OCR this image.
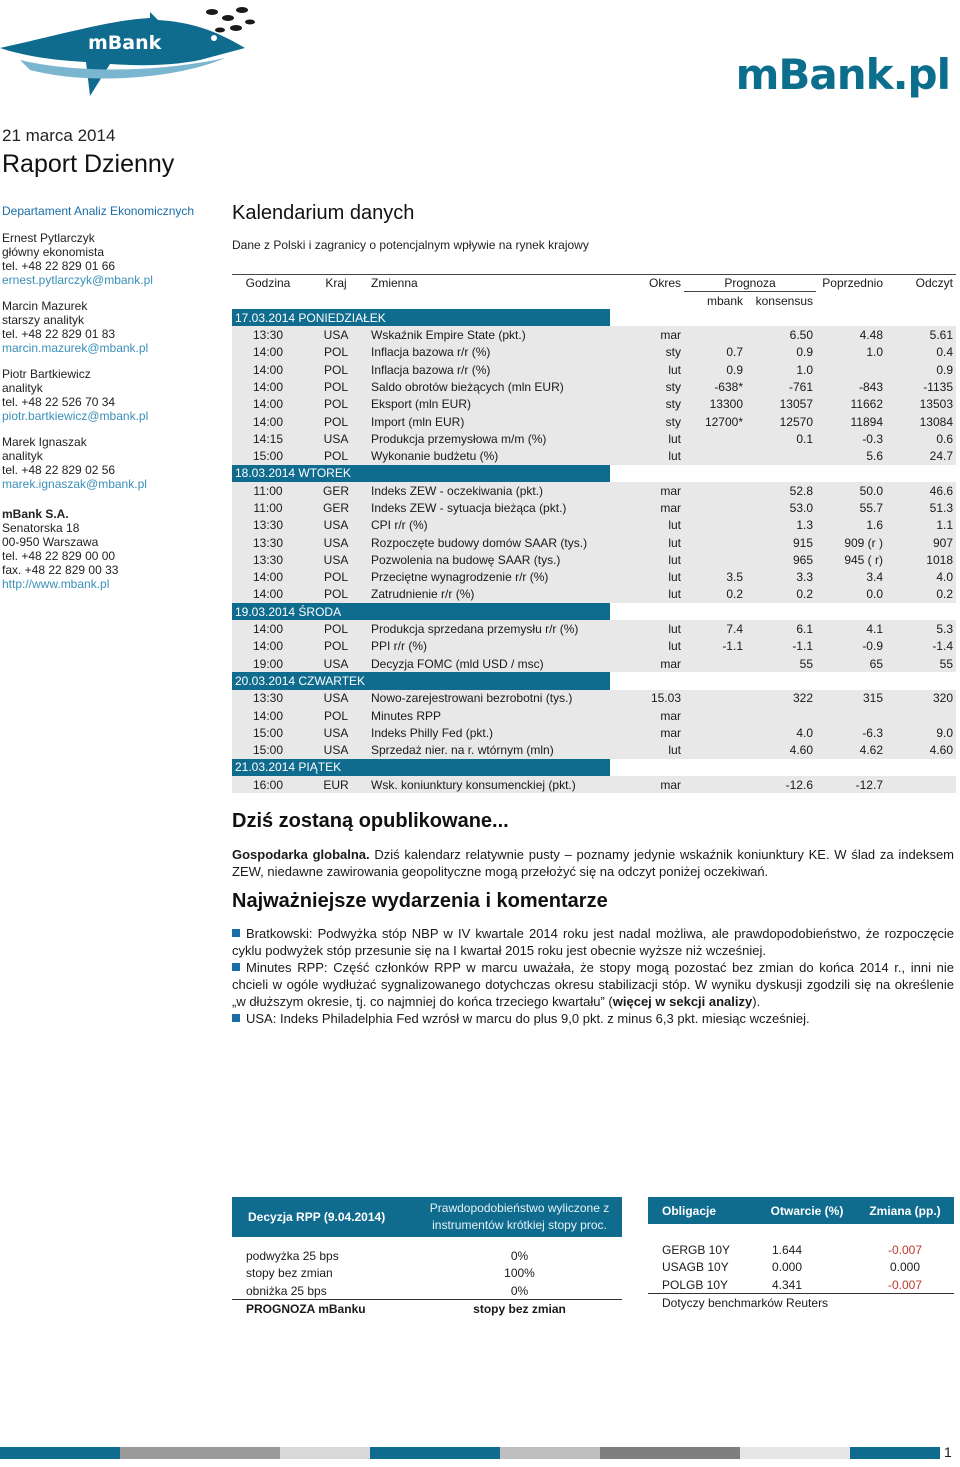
mBank
mBank.pl
21 marca 2014
Raport Dzienny
Departament Analiz Ekonomicznych
Ernest Pytlarczyk
główny ekonomista
tel. +48 22 829 01 66
ernest.pytlarczyk@mbank.pl
Marcin Mazurek
starszy analityk
tel. +48 22 829 01 83
marcin.mazurek@mbank.pl
Piotr Bartkiewicz
analityk
tel. +48 22 526 70 34
piotr.bartkiewicz@mbank.pl
Marek Ignaszak
analityk
tel. +48 22 829 02 56
marek.ignaszak@mbank.pl
mBank S.A.
Senatorska 18
00-950 Warszawa
tel. +48 22 829 00 00
fax. +48 22 829 00 33
http://www.mbank.pl
Kalendarium danych
Dane z Polski i zagranicy o potencjalnym wpływie na rynek krajowy
Godzina	Kraj	Zmienna	Okres	Prognoza		Poprzednio	Odczyt
				mbank	konsensus		
17.03.2014 PONIEDZIAŁEK							
13:30	USA	Wskaźnik Empire State (pkt.)	mar		6.50	4.48	5.61
14:00	POL	Inflacja bazowa r/r (%)	sty	0.7	0.9	1.0	0.4
14:00	POL	Inflacja bazowa r/r (%)	lut	0.9	1.0		0.9
14:00	POL	Saldo obrotów bieżących (mln EUR)	sty	-638*	-761	-843	-1135
14:00	POL	Eksport (mln EUR)	sty	13300	13057	11662	13503
14:00	POL	Import (mln EUR)	sty	12700*	12570	11894	13084
14:15	USA	Produkcja przemysłowa m/m (%)	lut		0.1	-0.3	0.6
15:00	POL	Wykonanie budżetu (%)	lut			5.6	24.7
18.03.2014 WTOREK							
11:00	GER	Indeks ZEW - oczekiwania (pkt.)	mar		52.8	50.0	46.6
11:00	GER	Indeks ZEW - sytuacja bieżąca (pkt.)	mar		53.0	55.7	51.3
13:30	USA	CPI r/r (%)	lut		1.3	1.6	1.1
13:30	USA	Rozpoczęte budowy domów SAAR (tys.)	lut		915	909 (r )	907
13:30	USA	Pozwolenia na budowę SAAR (tys.)	lut		965	945 ( r)	1018
14:00	POL	Przeciętne wynagrodzenie r/r (%)	lut	3.5	3.3	3.4	4.0
14:00	POL	Zatrudnienie r/r (%)	lut	0.2	0.2	0.0	0.2
19.03.2014 ŚRODA							
14:00	POL	Produkcja sprzedana przemysłu r/r (%)	lut	7.4	6.1	4.1	5.3
14:00	POL	PPI r/r (%)	lut	-1.1	-1.1	-0.9	-1.4
19:00	USA	Decyzja FOMC (mld USD / msc)	mar		55	65	55
20.03.2014 CZWARTEK							
13:30	USA	Nowo-zarejestrowani bezrobotni (tys.)	15.03		322	315	320
14:00	POL	Minutes RPP	mar				
15:00	USA	Indeks Philly Fed (pkt.)	mar		4.0	-6.3	9.0
15:00	USA	Sprzedaż nier. na r. wtórnym (mln)	lut		4.60	4.62	4.60
21.03.2014 PIĄTEK							
16:00	EUR	Wsk. koniunktury konsumenckiej (pkt.)	mar		-12.6	-12.7	
Dziś zostaną opublikowane...
Gospodarka globalna. Dziś kalendarz relatywnie pusty – poznamy jedynie wskaźnik koniunktury KE. W ślad za indeksem ZEW, niedawne zawirowania geopolityczne mogą przełożyć się na odczyt poniżej oczekiwań.
Najważniejsze wydarzenia i komentarze
Bratkowski: Podwyżka stóp NBP w IV kwartale 2014 roku jest nadal możliwa, ale prawdopodobieństwo, że rozpoczęcie cyklu podwyżek stóp przesunie się na I kwartał 2015 roku jest obecnie wyższe niż wcześniej.
Minutes RPP: Część członków RPP w marcu uważała, że stopy mogą pozostać bez zmian do końca 2014 r., inni nie chcieli w ogóle wydłużać sygnalizowanego dotychczas okresu stabilizacji stóp. W wyniku dyskusji zgodzili się na określenie „w dłuższym okresie, tj. co najmniej do końca trzeciego kwartału” (więcej w sekcji analizy).
USA: Indeks Philadelphia Fed wzrósł w marcu do plus 9,0 pkt. z minus 6,3 pkt. miesiąc wcześniej.
Decyzja RPP (9.04.2014)	Prawdopodobieństwo wyliczone z instrumentów krótkiej stopy proc.

podwyżka 25 bps	0%
stopy bez zmian	100%
obniżka 25 bps	0%
PROGNOZA mBanku	stopy bez zmian
Obligacje	Otwarcie (%)	Zmiana (pp.)

GERGB 10Y	1.644	-0.007
USAGB 10Y	0.000	0.000
POLGB 10Y	4.341	-0.007
Dotyczy benchmarków Reuters		
1
